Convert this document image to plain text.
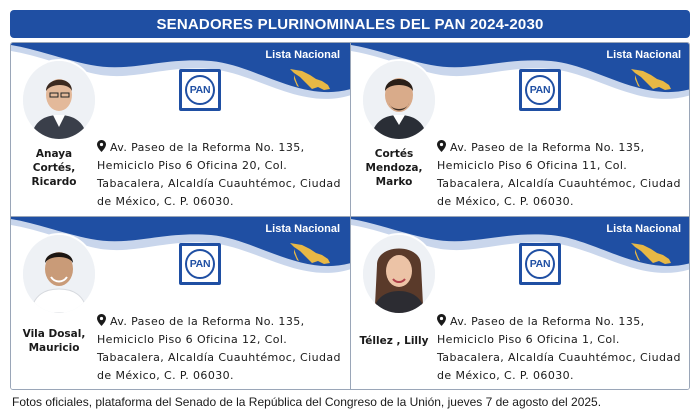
SENADORES PLURINOMINALES DEL PAN 2024-2030
Lista Nacional
PAN
Anaya
Cortés,
Ricardo
Av. Paseo de la Reforma No. 135, Hemiciclo Piso 6 Oficina 20, Col. Tabacalera, Alcaldía Cuauhtémoc, Ciudad de México, C. P. 06030.
Lista Nacional
PAN
Cortés
Mendoza,
Marko
Av. Paseo de la Reforma No. 135, Hemiciclo Piso 6 Oficina 11, Col. Tabacalera, Alcaldía Cuauhtémoc, Ciudad de México, C. P. 06030.
Lista Nacional
PAN
Vila Dosal,
Mauricio
Av. Paseo de la Reforma No. 135, Hemiciclo Piso 6 Oficina 12, Col. Tabacalera, Alcaldía Cuauhtémoc, Ciudad de México, C. P. 06030.
Lista Nacional
PAN
Téllez , Lilly
Av. Paseo de la Reforma No. 135, Hemiciclo Piso 6 Oficina 1, Col. Tabacalera, Alcaldía Cuauhtémoc, Ciudad de México, C. P. 06030.
Fotos oficiales, plataforma del Senado de la República del Congreso de la Unión, jueves 7 de agosto del 2025.
